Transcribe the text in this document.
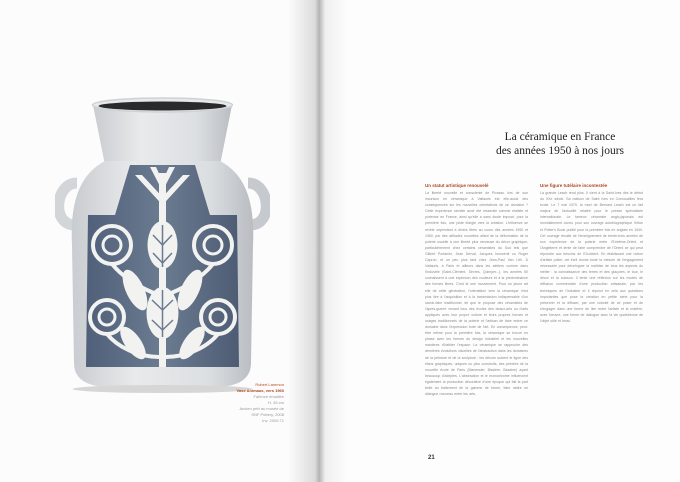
Robert Lammon
Vase Animaux, vers 1960

Faïence émaillée
H. 45 cm
Ancien prêt au musée de
SNF Pottery, 2008
Inv. 2009.71
La céramique en France
des années 1950 à nos jours
Un statut artistique renouvelé

La liberté nouvelle et consciente de Picasso lors de son incursion en céramique à Vallauris est elle-aussi des conséquences sur les nouvelles orientations de ce domaine ? Cette expérience semble avoir été ressentie comme réaliste et porteuse en France, ainsi qu'elle a sans doute imposé, pour la première fois, une piste élargie vers la création. L'influence se révèle cependant à divers titres au cours des années 1950 et 1960, par des attitudes nouvelles allant de la déformation de la poterie usuelle à une liberté plus nerveuse du décor graphique, particulièrement chez certains céramistes du Sud tels que Gilbert Portanier, Jean Derval, Jacques Innocenti ou Roger Capron, et un peu plus tard chez Jean-Paul Van Lith. À Vallauris, à Paris et ailleurs dans les ateliers comme dans l'industrie (Saint-Clément, Sèvres, Quimper...), les années 50 connaissent à une explosion des couleurs et à la prédominance des formes libres. C'est là une mouvement. Pour un jeune art elle de cette génération, l'orientation vers la céramique n'est plus liée à l'acquisition et à la transmission indispensable d'un savoir-faire traditionnel, tel que le propose des céramistes de l'après-guerre venant tous des écoles des beaux-arts ou d'arts appliqués avec leur propre culture et leurs propres formes et usages traditionnels de la poterie et l'artisan de faire entrer ce domaine dans l'expression forte de l'art. En conséquence, peut-être même pour la première fois, la céramique se trouve en phase avec les formes du design industriel et les nouvelles manières d'habiter l'espace. La céramique se rapproche des dernières évolutions visuelles de l'abstraction dans les domaines de la peinture et de la sculpture : les décors suivent le ligne des élans graphiques, uniques ou plus construits, des peintres de la nouvelle école de Paris (Manessier, Bissière, Bazaine) ayant beaucoup d'adeptes. L'abstraction et le monochrome influencent également la production décorative d'une époque qui fait la part belle au traitement de la gamme de forme, faire naître un dialogue nouveau entre les arts.

Une figure tutélaire incontestée

La grande Leach rend plus. Il vient à la Saint-Ives dès le début du XXe siècle. Sa maison de Saint Ives en Cornouailles fera école. Le 7 mai 1979, la mort de Bernard Leach est un fait majeur de l'actualité relatée pour le presse spécialisée internationale. Le fameux céramiste anglo-japonais est mondialement connu pour son ouvrage autobiographique Virtue et Potter's Book publié pour la première fois en anglais en 1940. Cet ouvrage résulte de l'enseignement de trente-trois années de son expérience de la poterie entre l'Extrême-Orient et l'Angleterre et tente de faire comprendre de l'Orient ce qui peut répondre aux besoins de l'Occident. En établissant une notion d'artiste potier, cet écrit donne toute la mesure de l'engagement nécessaire pour développer la maîtrise de tous les aspects du métier : la connaissance des terres et des glaçures, le tour, le décor et la cuisson. Il tente une réflexion sur les modes de diffusion commerciale d'une production artisanale, par les techniques de l'industrie et il répond en cela aux questions importantes que pose la création en petite série pour la préserver et la diffuser, par une volonté de se poser et de s'engager dans une forme de lien entre l'artiste et la matière, avec l'œuvre, une forme de dialogue avec la vie quotidienne de l'objet utile et beau.

21
